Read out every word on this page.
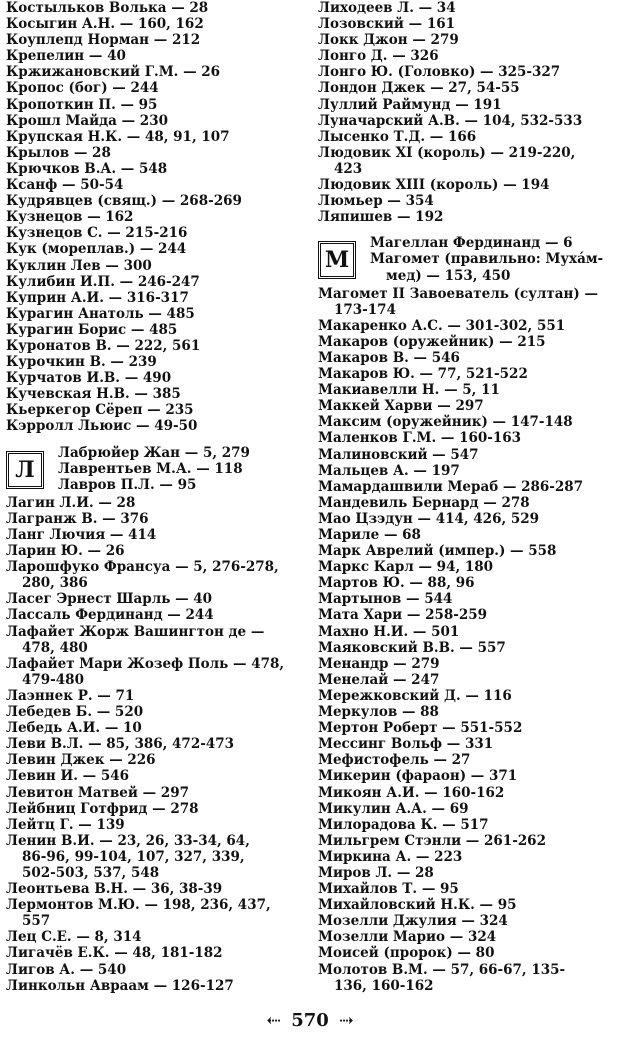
Костыльков Волька — 28
Косыгин А.Н. — 160, 162
Коуплепд Норман — 212
Крепелин — 40
Кржижановский Г.М. — 26
Кропос (бог) — 244
Кропоткин П. — 95
Крошл Майда — 230
Крупская Н.К. — 48, 91, 107
Крылов — 28
Крючков В.А. — 548
Ксанф — 50-54
Кудрявцев (свящ.) — 268-269
Кузнецов — 162
Кузнецов С. — 215-216
Кук (мореплав.) — 244
Куклин Лев — 300
Кулибин И.П. — 246-247
Куприн А.И. — 316-317
Курагин Анатоль — 485
Курагин Борис — 485
Куронатов В. — 222, 561
Курочкин В. — 239
Курчатов И.В. — 490
Кучевская Н.В. — 385
Кьеркегор Сёреп — 235
Кэрролл Льюис — 49-50
Л
Лабрюйер Жан — 5, 279
Лаврентьев М.А. — 118
Лавров П.Л. — 95
Лагин Л.И. — 28
Лагранж В. — 376
Ланг Лючия — 414
Ларин Ю. — 26
Ларошфуко Франсуа — 5, 276-278,
280, 386
Ласег Эрнест Шарль — 40
Лассаль Фердинанд — 244
Лафайет Жорж Вашингтон де —
478, 480
Лафайет Мари Жозеф Поль — 478,
479-480
Лаэннек Р. — 71
Лебедев Б. — 520
Лебедь А.И. — 10
Леви В.Л. — 85, 386, 472-473
Левин Джек — 226
Левин И. — 546
Левитон Матвей — 297
Лейбниц Готфрид — 278
Лейтц Г. — 139
Ленин В.И. — 23, 26, 33-34, 64,
86-96, 99-104, 107, 327, 339,
502-503, 537, 548
Леонтьева В.Н. — 36, 38-39
Лермонтов М.Ю. — 198, 236, 437,
557
Лец С.Е. — 8, 314
Лигачёв Е.К. — 48, 181-182
Лигов А. — 540
Линкольн Авраам — 126-127
Лиходеев Л. — 34
Лозовский — 161
Локк Джон — 279
Лонго Д. — 326
Лонго Ю. (Головко) — 325-327
Лондон Джек — 27, 54-55
Луллий Раймунд — 191
Луначарский А.В. — 104, 532-533
Лысенко Т.Д. — 166
Людовик XI (король) — 219-220,
423
Людовик XIII (король) — 194
Люмьер — 354
Ляпишев — 192
М
Магеллан Фердинанд — 6
Магомет (правильно: Мухáм-
мед) — 153, 450
Магомет II Завоеватель (султан) —
173-174
Макаренко А.С. — 301-302, 551
Макаров (оружейник) — 215
Макаров В. — 546
Макаров Ю. — 77, 521-522
Макиавелли Н. — 5, 11
Маккей Харви — 297
Максим (оружейник) — 147-148
Маленков Г.М. — 160-163
Малиновский — 547
Мальцев А. — 197
Мамардашвили Мераб — 286-287
Мандевиль Бернард — 278
Мао Цзэдун — 414, 426, 529
Мариле — 68
Марк Аврелий (импер.) — 558
Маркс Карл — 94, 180
Мартов Ю. — 88, 96
Мартынов — 544
Мата Хари — 258-259
Махно Н.И. — 501
Маяковский В.В. — 557
Менандр — 279
Менелай — 247
Мережковский Д. — 116
Меркулов — 88
Мертон Роберт — 551-552
Мессинг Вольф — 331
Мефистофель — 27
Микерин (фараон) — 371
Микоян А.И. — 160-162
Микулин А.А. — 69
Милорадова К. — 517
Мильгрем Стэнли — 261-262
Миркина А. — 223
Миров Л. — 28
Михайлов Т. — 95
Михайловский Н.К. — 95
Мозелли Джулия — 324
Мозелли Марио — 324
Моисей (пророк) — 80
Молотов В.М. — 57, 66-67, 135-
136, 160-162
⇠ 570 ⇢
